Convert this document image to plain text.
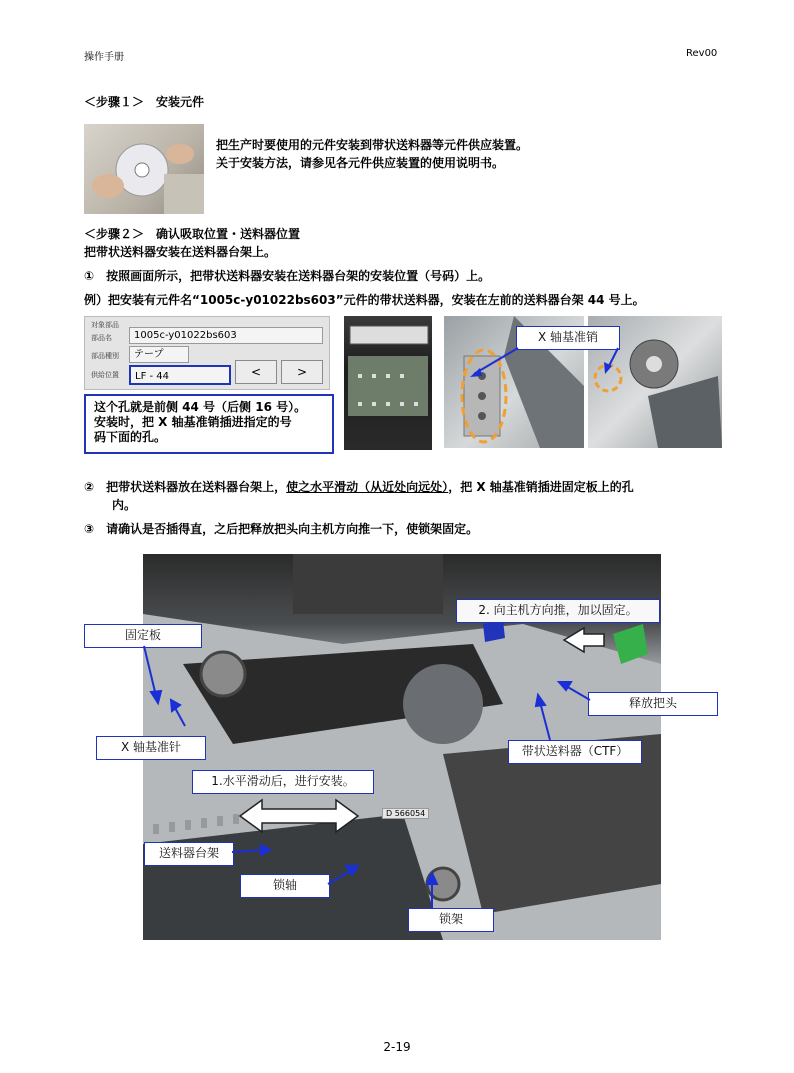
操作手册	Rev00
＜步骤１＞　安装元件
把生产时要使用的元件安装到带状送料器等元件供应装置。
关于安装方法，请参见各元件供应装置的使用说明书。
＜步骤２＞　确认吸取位置・送料器位置
把带状送料器安装在送料器台架上。
①　按照画面所示，把带状送料器安装在送料器台架的安装位置（号码）上。
例）把安装有元件名“1005c-y01022bs603”元件的带状送料器，安装在左前的送料器台架 44 号上。
対象部品
部品名
部品種別
供給位置
1005c-y01022bs603
テープ
LF - 44	<	>
这个孔就是前侧 44 号（后侧 16 号）。
安装时，把 X 轴基准销插进指定的号
码下面的孔。
X 轴基准销
②　把带状送料器放在送料器台架上，使之水平滑动（从近处向远处），把 X 轴基准销插进固定板上的孔
内。
③　请确认是否插得直，之后把释放把头向主机方向推一下，使锁架固定。
D 566054
2. 向主机方向推，加以固定。
固定板
释放把头
X 轴基准针	带状送料器（CTF）
1.水平滑动后，进行安装。
送料器台架
锁轴
锁架
2-19
